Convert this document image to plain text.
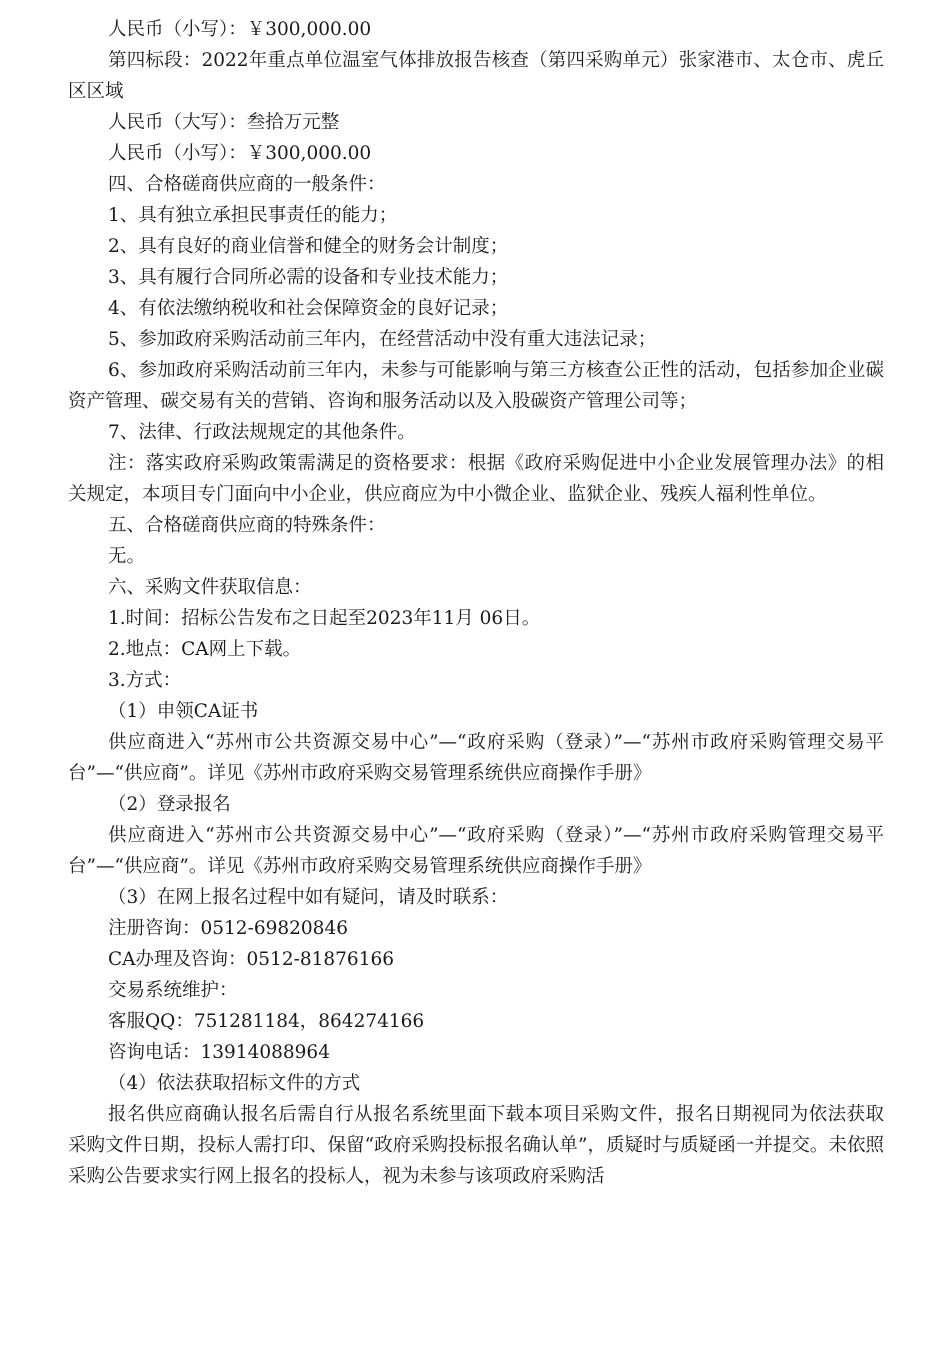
人民币（小写）：￥300,000.00

第四标段：2022年重点单位温室气体排放报告核查（第四采购单元）张家港市、太仓市、虎丘区区域

人民币（大写）：叁拾万元整

人民币（小写）：￥300,000.00

四、合格磋商供应商的一般条件：

1、具有独立承担民事责任的能力；

2、具有良好的商业信誉和健全的财务会计制度；

3、具有履行合同所必需的设备和专业技术能力；

4、有依法缴纳税收和社会保障资金的良好记录；

5、参加政府采购活动前三年内，在经营活动中没有重大违法记录；

6、参加政府采购活动前三年内，未参与可能影响与第三方核查公正性的活动，包括参加企业碳资产管理、碳交易有关的营销、咨询和服务活动以及入股碳资产管理公司等；

7、法律、行政法规规定的其他条件。

注：落实政府采购政策需满足的资格要求：根据《政府采购促进中小企业发展管理办法》的相关规定，本项目专门面向中小企业，供应商应为中小微企业、监狱企业、残疾人福利性单位。

五、合格磋商供应商的特殊条件：

无。

六、采购文件获取信息：

1.时间：招标公告发布之日起至2023年11月 06日。

2.地点：CA网上下载。

3.方式：

（1）申领CA证书

供应商进入“苏州市公共资源交易中心”—“政府采购（登录）”—“苏州市政府采购管理交易平台”—“供应商”。详见《苏州市政府采购交易管理系统供应商操作手册》

（2）登录报名

供应商进入“苏州市公共资源交易中心”—“政府采购（登录）”—“苏州市政府采购管理交易平台”—“供应商”。详见《苏州市政府采购交易管理系统供应商操作手册》

（3）在网上报名过程中如有疑问，请及时联系：

注册咨询：0512-69820846

CA办理及咨询：0512-81876166

交易系统维护：

客服QQ：751281184，864274166

咨询电话：13914088964

（4）依法获取招标文件的方式

报名供应商确认报名后需自行从报名系统里面下载本项目采购文件，报名日期视同为依法获取采购文件日期，投标人需打印、保留“政府采购投标报名确认单”，质疑时与质疑函一并提交。未依照采购公告要求实行网上报名的投标人，视为未参与该项政府采购活
